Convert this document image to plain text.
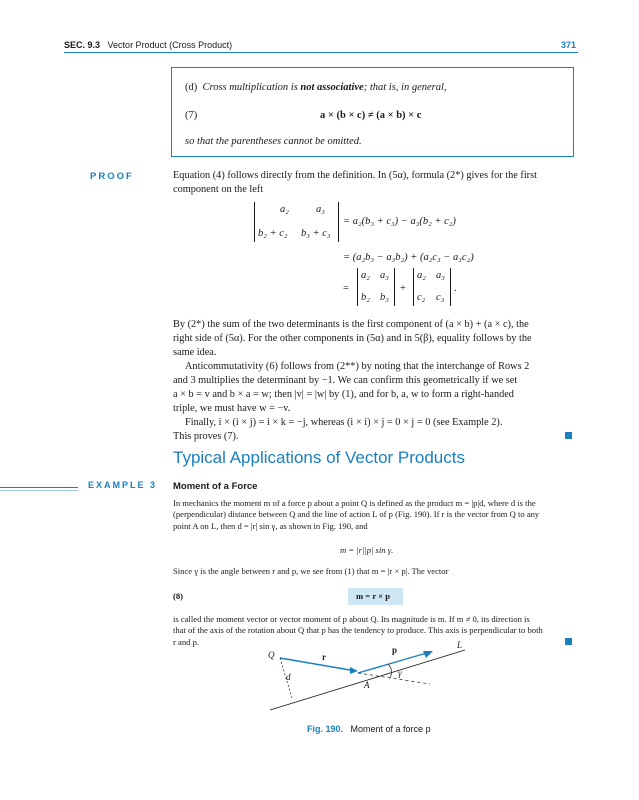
SEC. 9.3 Vector Product (Cross Product)	371
(d) Cross multiplication is not associative; that is, in general,
(7)	a × (b × c) ≠ (a × b) × c
so that the parentheses cannot be omitted.
PROOF	Equation (4) follows directly from the definition. In (5α), formula (2*) gives for the first
component on the left
a₂	a₃
b₂ + c₂ b₃ + c₃
= a₂(b₃ + c₃) − a₃(b₂ + c₂)
= (a₂b₃ − a₃b₂) + (a₂c₃ − a₃c₂)
=
a₂ a₃
b₂ b₃
+
a₂ a₃
c₂ c₃
.
By (2*) the sum of the two determinants is the first component of (a × b) + (a × c), the
right side of (5α). For the other components in (5α) and in 5(β), equality follows by the
same idea.
Anticommutativity (6) follows from (2**) by noting that the interchange of Rows 2
and 3 multiplies the determinant by −1. We can confirm this geometrically if we set
a × b = v and b × a = w; then |v| = |w| by (1), and for b, a, w to form a right-handed
triple, we must have w = −v.
Finally, i × (i × j) = i × k = −j, whereas (i × i) × j = 0 × j = 0 (see Example 2).
This proves (7).
Typical Applications of Vector Products
EXAMPLE 3 Moment of a Force
In mechanics the moment m of a force p about a point Q is defined as the product m = |p|d, where d is the
(perpendicular) distance between Q and the line of action L of p (Fig. 190). If r is the vector from Q to any
point A on L, then d = |r| sin γ, as shown in Fig. 190, and
m = |r||p| sin γ.
Since γ is the angle between r and p, we see from (1) that m = |r × p|. The vector
(8)	m = r × p
is called the moment vector or vector moment of p about Q. Its magnitude is m. If m ≠ 0, its direction is
that of the axis of the rotation about Q that p has the tendency to produce. This axis is perpendicular to both
r and p.
Q	r
p	L
d
A
γ
Fig. 190. Moment of a force p
